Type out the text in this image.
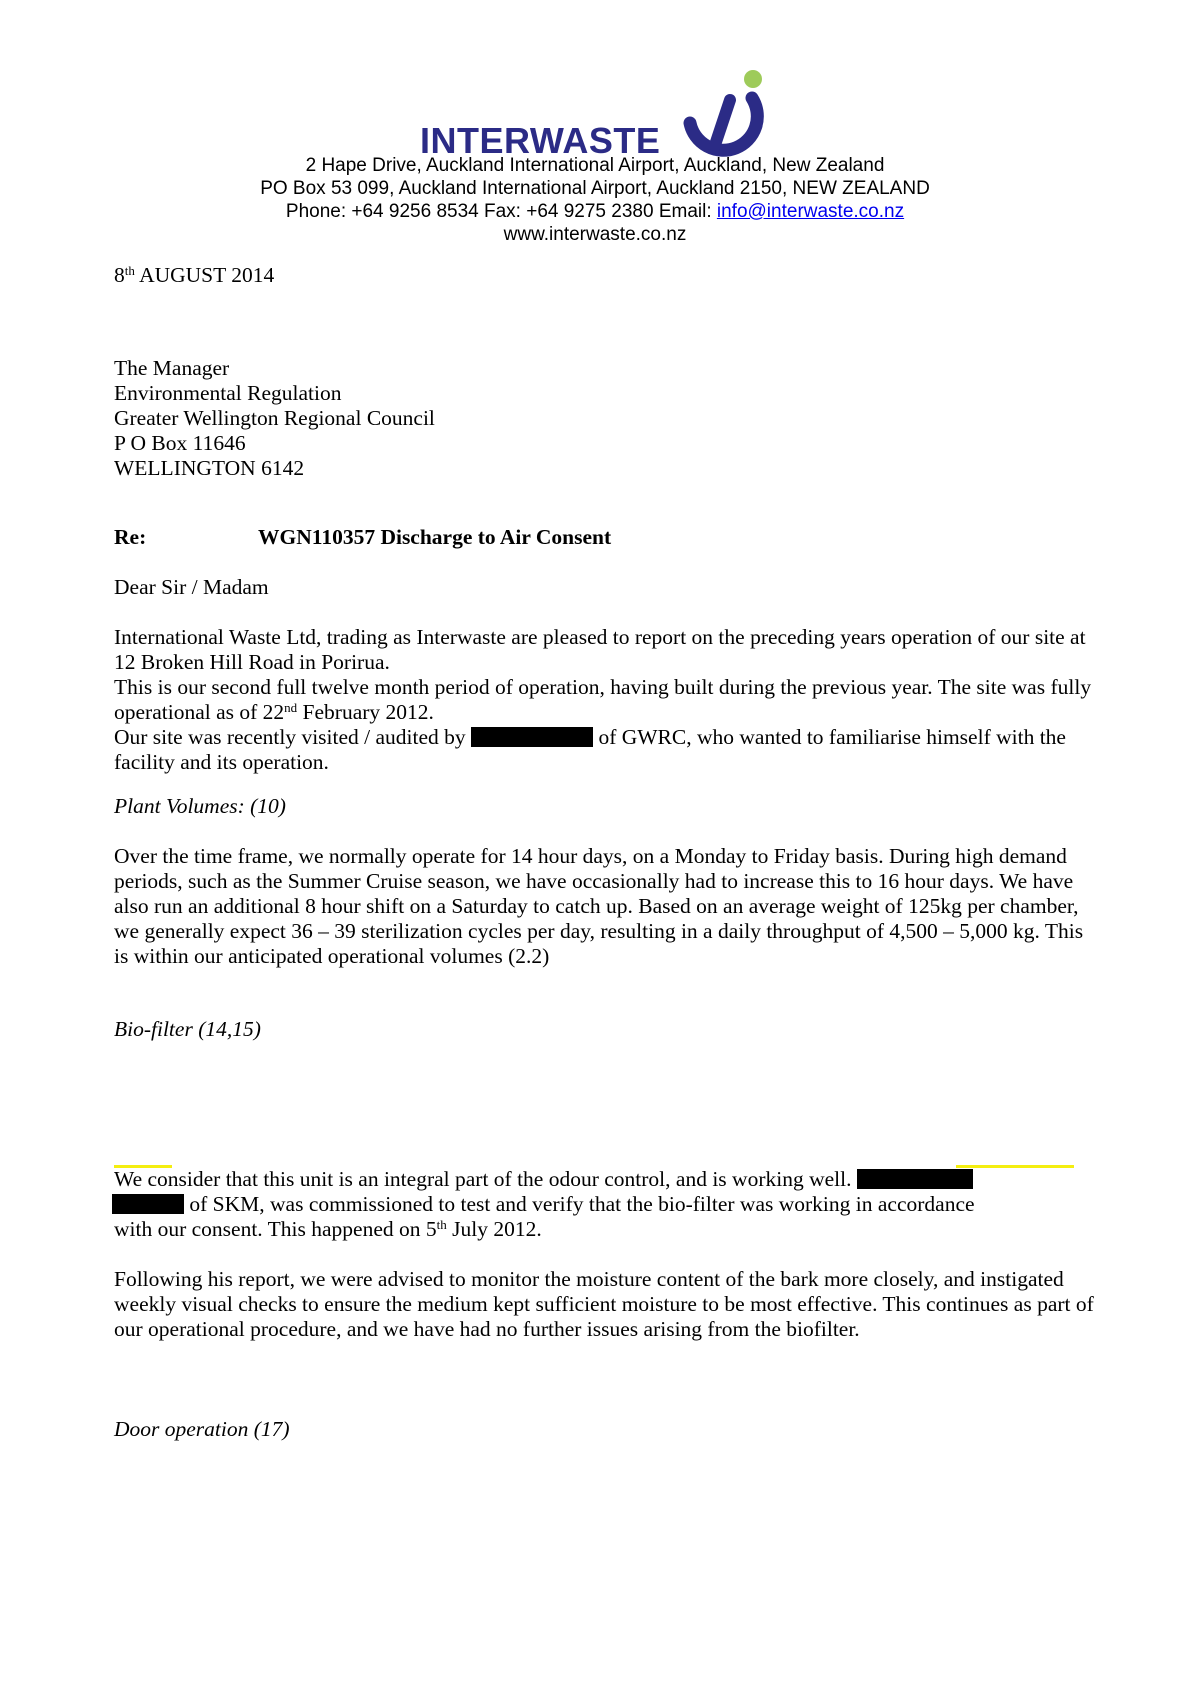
INTERWASTE
2 Hape Drive, Auckland International Airport, Auckland, New Zealand
PO Box 53 099, Auckland International Airport, Auckland 2150, NEW ZEALAND
Phone: +64 9256 8534 Fax: +64 9275 2380 Email: info@interwaste.co.nz
www.interwaste.co.nz
8th AUGUST 2014
The Manager
Environmental Regulation
Greater Wellington Regional Council
P O Box 11646
WELLINGTON 6142
Re:	WGN110357 Discharge to Air Consent
Dear Sir / Madam
International Waste Ltd, trading as Interwaste are pleased to report on the preceding years operation of our site at 12 Broken Hill Road in Porirua.
This is our second full twelve month period of operation, having built during the previous year. The site was fully operational as of 22nd February 2012.
Our site was recently visited / audited by	of GWRC, who wanted to familiarise himself with the facility and its operation.
Plant Volumes: (10)
Over the time frame, we normally operate for 14 hour days, on a Monday to Friday basis. During high demand periods, such as the Summer Cruise season, we have occasionally had to increase this to 16 hour days. We have also run an additional 8 hour shift on a Saturday to catch up. Based on an average weight of 125kg per chamber, we generally expect 36 – 39 sterilization cycles per day, resulting in a daily throughput of 4,500 – 5,000 kg. This is within our anticipated operational volumes (2.2)
Bio-filter (14,15)
We consider that this unit is an integral part of the odour control, and is working well.
of SKM, was commissioned to test and verify that the bio-filter was working in accordance
with our consent. This happened on 5th July 2012.
Following his report, we were advised to monitor the moisture content of the bark more closely, and instigated weekly visual checks to ensure the medium kept sufficient moisture to be most effective. This continues as part of our operational procedure, and we have had no further issues arising from the biofilter.
Door operation (17)
